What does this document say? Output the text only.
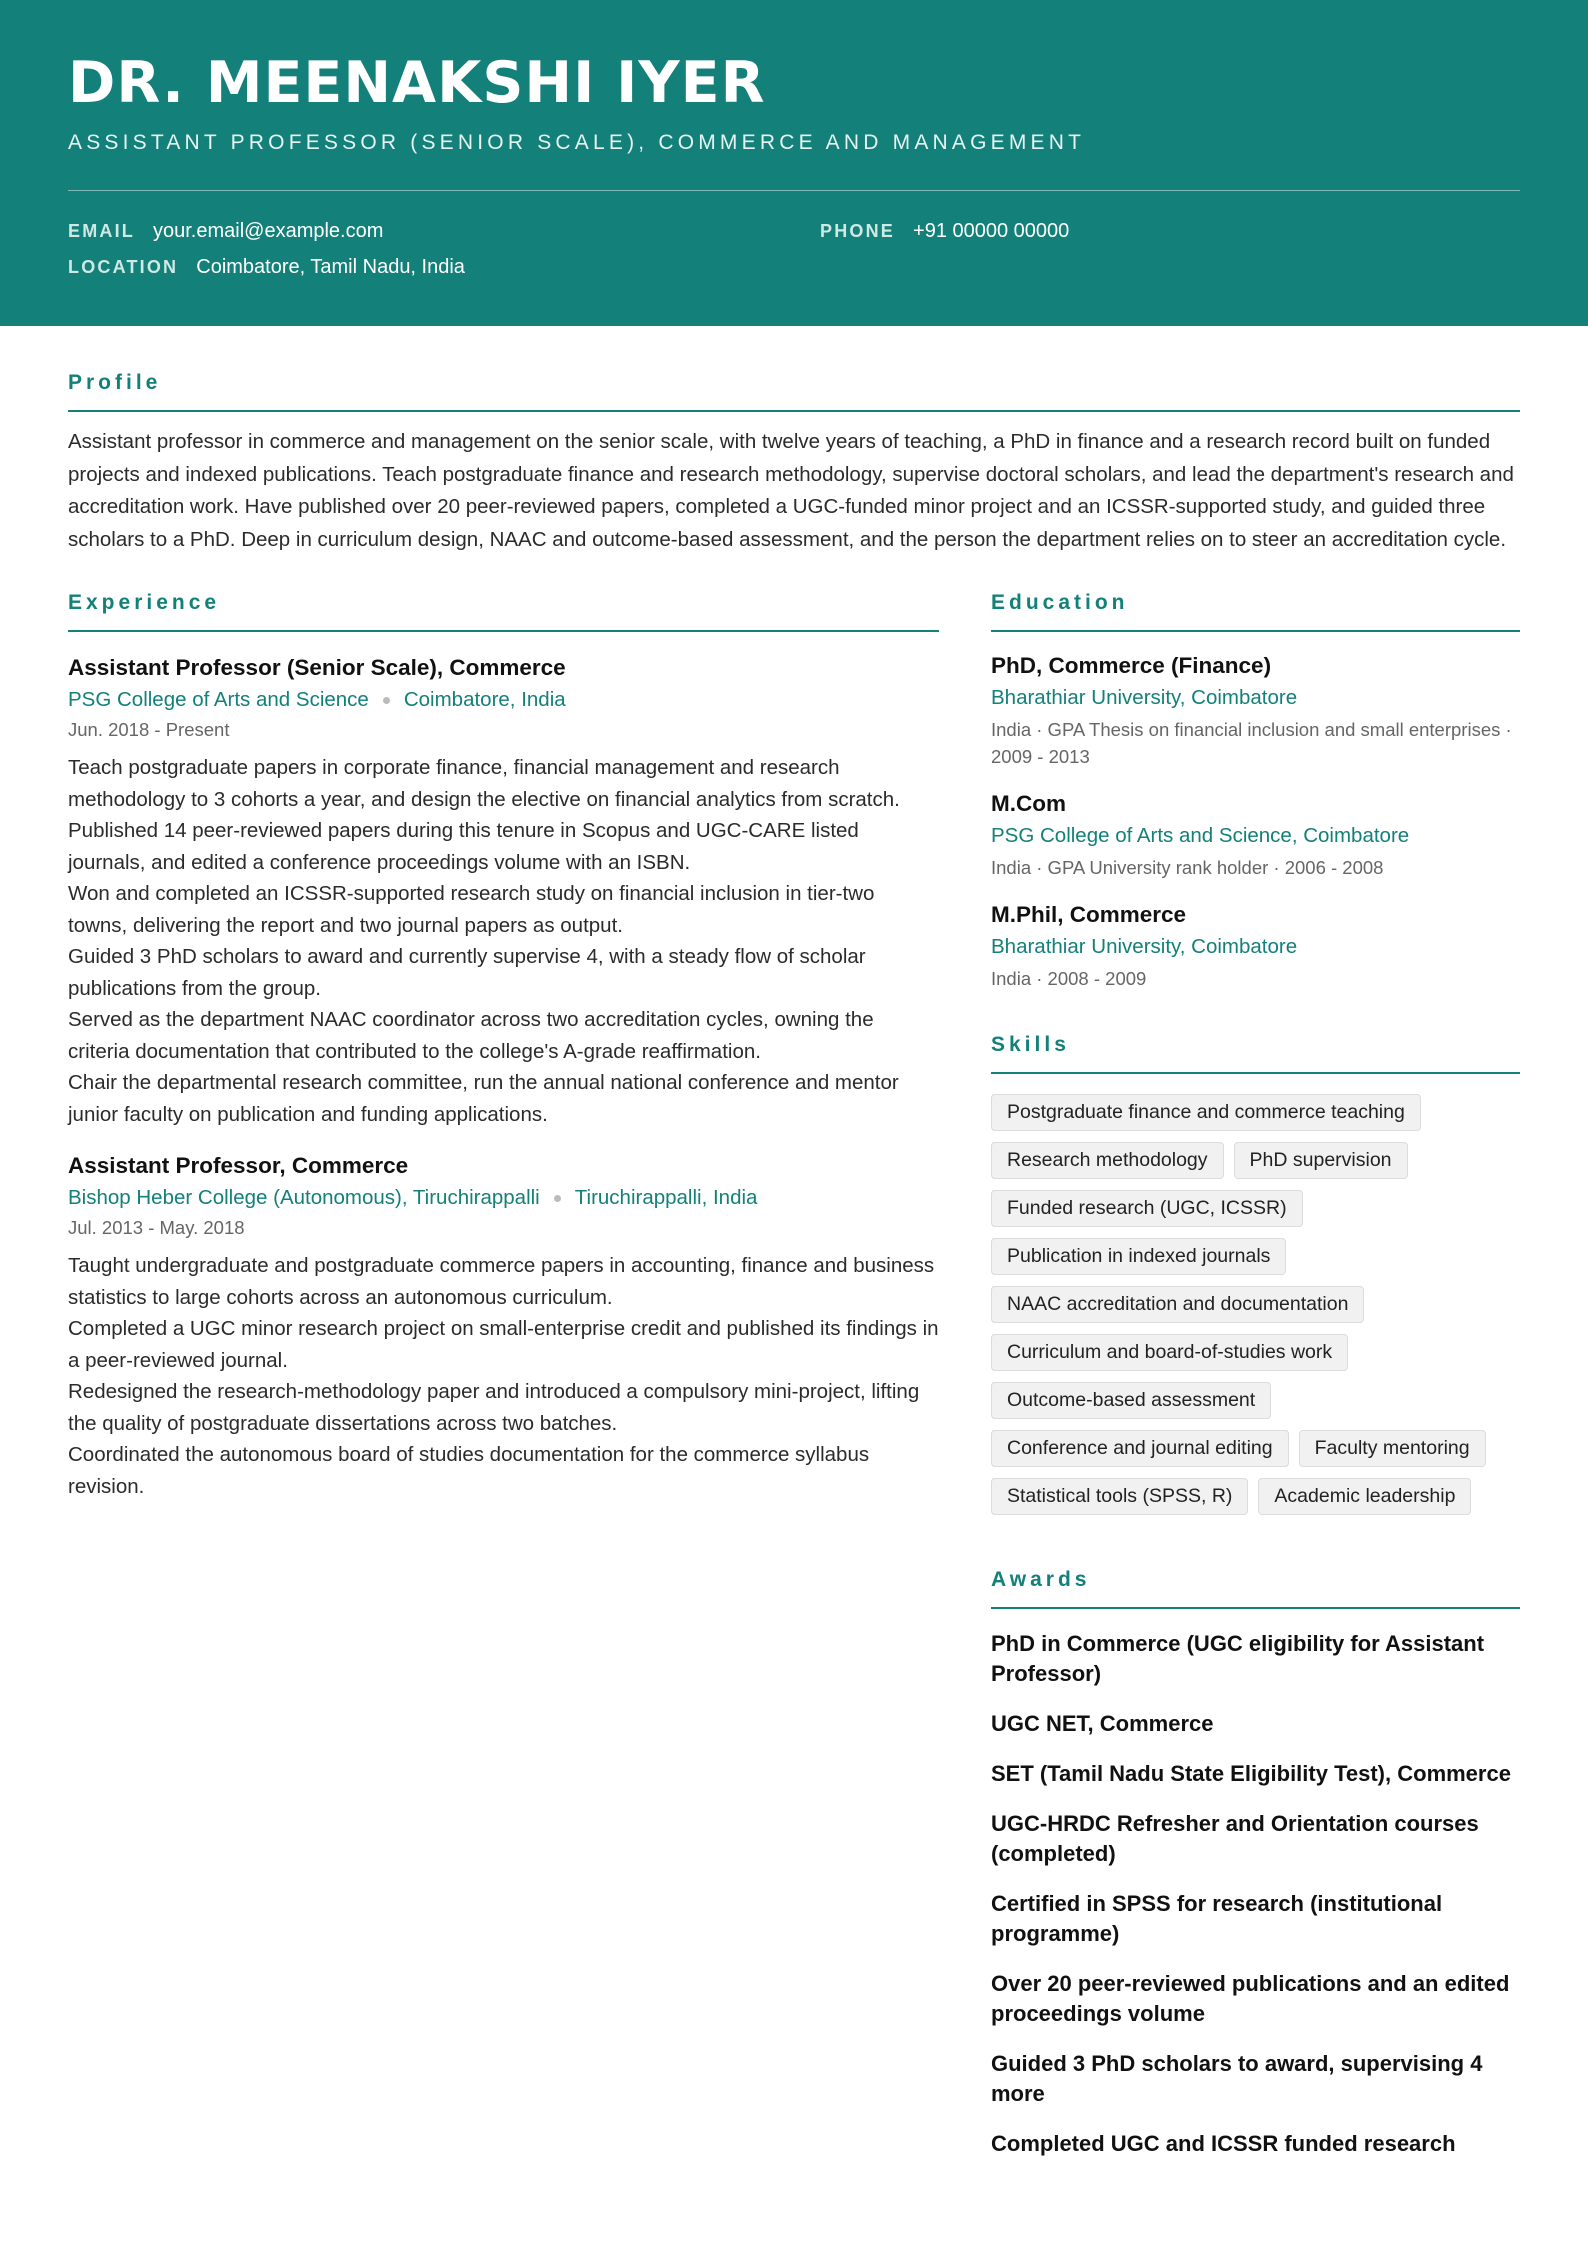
DR. MEENAKSHI IYER
ASSISTANT PROFESSOR (SENIOR SCALE), COMMERCE AND MANAGEMENT
EMAIL your.email@example.com	PHONE +91 00000 00000
LOCATION Coimbatore, Tamil Nadu, India
Profile
Assistant professor in commerce and management on the senior scale, with twelve years of teaching, a PhD in finance and a research record built on funded projects and indexed publications. Teach postgraduate finance and research methodology, supervise doctoral scholars, and lead the department's research and accreditation work. Have published over 20 peer-reviewed papers, completed a UGC-funded minor project and an ICSSR-supported study, and guided three scholars to a PhD. Deep in curriculum design, NAAC and outcome-based assessment, and the person the department relies on to steer an accreditation cycle.
Experience
Assistant Professor (Senior Scale), Commerce
PSG College of Arts and Science Coimbatore, India
Jun. 2018 - Present
Teach postgraduate papers in corporate finance, financial management and research methodology to 3 cohorts a year, and design the elective on financial analytics from scratch.
Published 14 peer-reviewed papers during this tenure in Scopus and UGC-CARE listed journals, and edited a conference proceedings volume with an ISBN.
Won and completed an ICSSR-supported research study on financial inclusion in tier-two towns, delivering the report and two journal papers as output.
Guided 3 PhD scholars to award and currently supervise 4, with a steady flow of scholar publications from the group.
Served as the department NAAC coordinator across two accreditation cycles, owning the criteria documentation that contributed to the college's A-grade reaffirmation.
Chair the departmental research committee, run the annual national conference and mentor junior faculty on publication and funding applications.
Assistant Professor, Commerce
Bishop Heber College (Autonomous), Tiruchirappalli Tiruchirappalli, India
Jul. 2013 - May. 2018
Taught undergraduate and postgraduate commerce papers in accounting, finance and business statistics to large cohorts across an autonomous curriculum.
Completed a UGC minor research project on small-enterprise credit and published its findings in a peer-reviewed journal.
Redesigned the research-methodology paper and introduced a compulsory mini-project, lifting the quality of postgraduate dissertations across two batches.
Coordinated the autonomous board of studies documentation for the commerce syllabus revision.
Education
PhD, Commerce (Finance)
Bharathiar University, Coimbatore
India · GPA Thesis on financial inclusion and small enterprises · 2009 - 2013
M.Com
PSG College of Arts and Science, Coimbatore
India · GPA University rank holder · 2006 - 2008
M.Phil, Commerce
Bharathiar University, Coimbatore
India · 2008 - 2009
Skills
Postgraduate finance and commerce teaching
Research methodology	PhD supervision
Funded research (UGC, ICSSR)
Publication in indexed journals
NAAC accreditation and documentation
Curriculum and board-of-studies work
Outcome-based assessment
Conference and journal editing	Faculty mentoring
Statistical tools (SPSS, R)	Academic leadership
Awards
PhD in Commerce (UGC eligibility for Assistant Professor)
UGC NET, Commerce
SET (Tamil Nadu State Eligibility Test), Commerce
UGC-HRDC Refresher and Orientation courses (completed)
Certified in SPSS for research (institutional programme)
Over 20 peer-reviewed publications and an edited proceedings volume
Guided 3 PhD scholars to award, supervising 4 more
Completed UGC and ICSSR funded research
